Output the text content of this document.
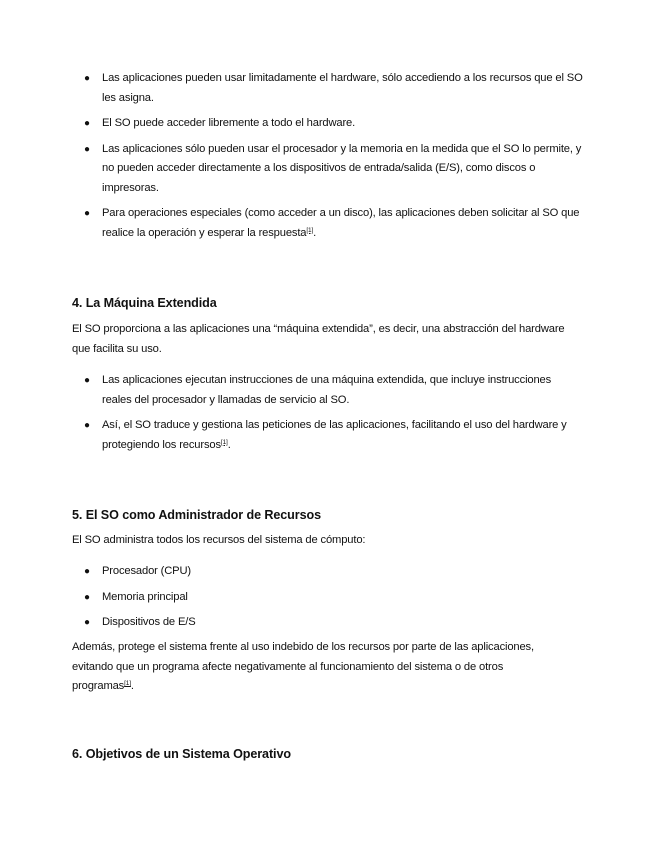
● Las aplicaciones pueden usar limitadamente el hardware, sólo accediendo a los recursos que el SO les asigna.
● El SO puede acceder libremente a todo el hardware.
● Las aplicaciones sólo pueden usar el procesador y la memoria en la medida que el SO lo permite, y no pueden acceder directamente a los dispositivos de entrada/salida (E/S), como discos o impresoras.
● Para operaciones especiales (como acceder a un disco), las aplicaciones deben solicitar al SO que realice la operación y esperar la respuesta[1].
4. La Máquina Extendida

El SO proporciona a las aplicaciones una “máquina extendida”, es decir, una abstracción del hardware que facilita su uso.

● Las aplicaciones ejecutan instrucciones de una máquina extendida, que incluye instrucciones reales del procesador y llamadas de servicio al SO.
● Así, el SO traduce y gestiona las peticiones de las aplicaciones, facilitando el uso del hardware y protegiendo los recursos[1].
5. El SO como Administrador de Recursos

El SO administra todos los recursos del sistema de cómputo:

● Procesador (CPU)
● Memoria principal
● Dispositivos de E/S

Además, protege el sistema frente al uso indebido de los recursos por parte de las aplicaciones, evitando que un programa afecte negativamente al funcionamiento del sistema o de otros programas[1].

6. Objetivos de un Sistema Operativo
